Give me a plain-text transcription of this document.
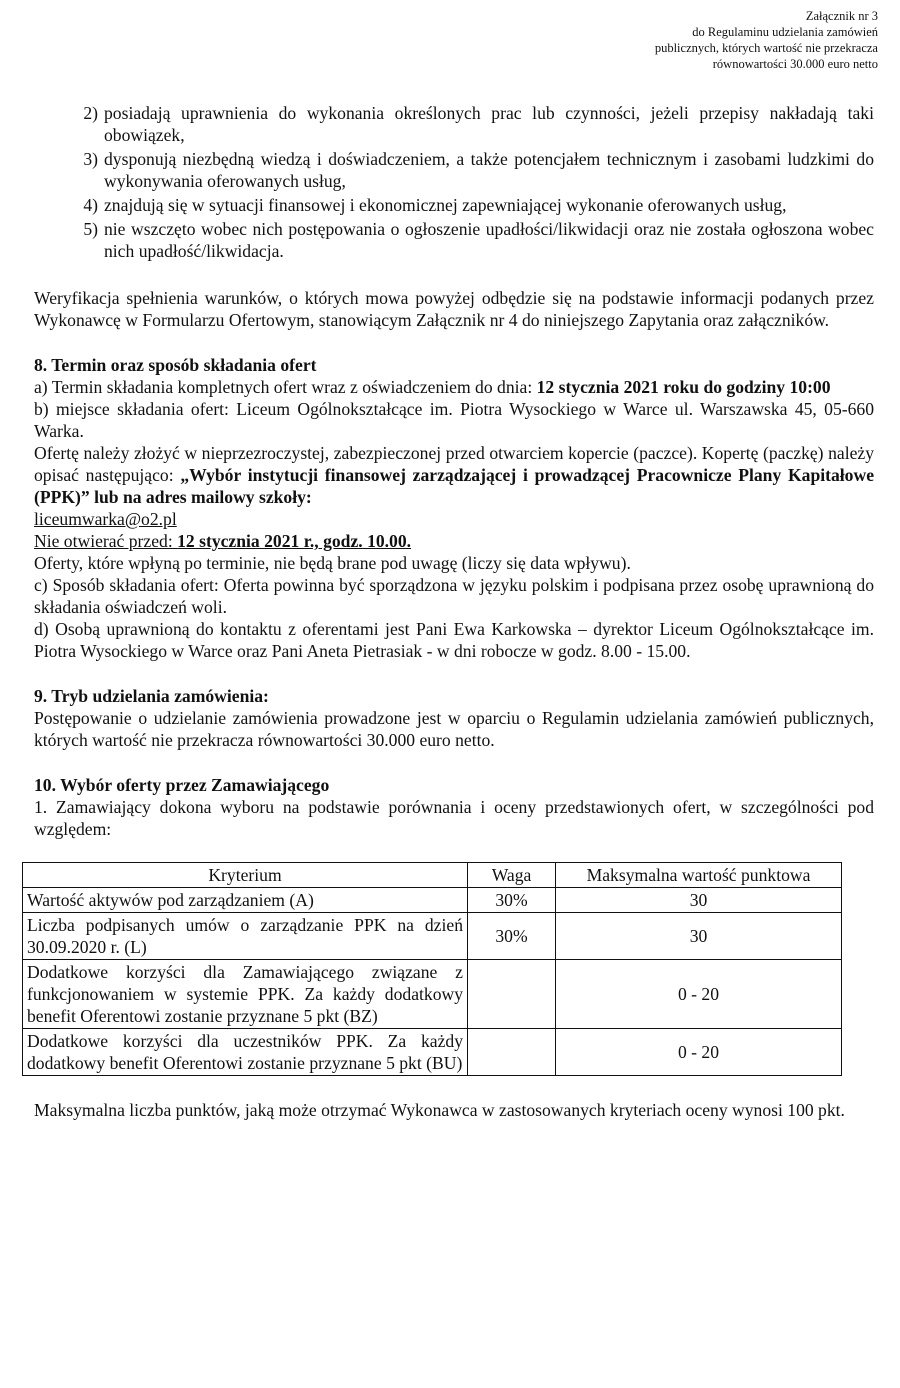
Załącznik nr 3
do Regulaminu udzielania zamówień
publicznych, których wartość nie przekracza
równowartości 30.000 euro netto
2) posiadają uprawnienia do wykonania określonych prac lub czynności, jeżeli przepisy nakładają taki obowiązek,
3) dysponują niezbędną wiedzą i doświadczeniem, a także potencjałem technicznym i zasobami ludzkimi do wykonywania oferowanych usług,
4) znajdują się w sytuacji finansowej i ekonomicznej zapewniającej wykonanie oferowanych usług,
5) nie wszczęto wobec nich postępowania o ogłoszenie upadłości/likwidacji oraz nie została ogłoszona wobec nich upadłość/likwidacja.

Weryfikacja spełnienia warunków, o których mowa powyżej odbędzie się na podstawie informacji podanych przez Wykonawcę w Formularzu Ofertowym, stanowiącym Załącznik nr 4 do niniejszego Zapytania oraz załączników.

8. Termin oraz sposób składania ofert

a) Termin składania kompletnych ofert wraz z oświadczeniem do dnia: 12 stycznia 2021 roku do godziny 10:00

b) miejsce składania ofert: Liceum Ogólnokształcące im. Piotra Wysockiego w Warce ul. Warszawska 45, 05-660 Warka.

Ofertę należy złożyć w nieprzezroczystej, zabezpieczonej przed otwarciem kopercie (paczce). Kopertę (paczkę) należy opisać następująco: „Wybór instytucji finansowej zarządzającej i prowadzącej Pracownicze Plany Kapitałowe (PPK)” lub na adres mailowy szkoły:
liceumwarka@o2.pl

Nie otwierać przed: 12 stycznia 2021 r., godz. 10.00.

Oferty, które wpłyną po terminie, nie będą brane pod uwagę (liczy się data wpływu).

c) Sposób składania ofert: Oferta powinna być sporządzona w języku polskim i podpisana przez osobę uprawnioną do składania oświadczeń woli.

d) Osobą uprawnioną do kontaktu z oferentami jest Pani Ewa Karkowska – dyrektor Liceum Ogólnokształcące im. Piotra Wysockiego w Warce oraz Pani Aneta Pietrasiak - w dni robocze w godz. 8.00 - 15.00.

9. Tryb udzielania zamówienia:

Postępowanie o udzielanie zamówienia prowadzone jest w oparciu o Regulamin udzielania zamówień publicznych, których wartość nie przekracza równowartości 30.000 euro netto.

10. Wybór oferty przez Zamawiającego

1. Zamawiający dokona wyboru na podstawie porównania i oceny przedstawionych ofert, w szczególności pod względem:

Kryterium	Waga	Maksymalna wartość punktowa
Wartość aktywów pod zarządzaniem (A)	30%	30
Liczba podpisanych umów o zarządzanie PPK na dzień 30.09.2020 r. (L)	30%	30
Dodatkowe korzyści dla Zamawiającego związane z funkcjonowaniem w systemie PPK. Za każdy dodatkowy benefit Oferentowi zostanie przyznane 5 pkt (BZ)		0 - 20
Dodatkowe korzyści dla uczestników PPK. Za każdy dodatkowy benefit Oferentowi zostanie przyznane 5 pkt (BU)		0 - 20

Maksymalna liczba punktów, jaką może otrzymać Wykonawca w zastosowanych kryteriach oceny wynosi 100 pkt.
